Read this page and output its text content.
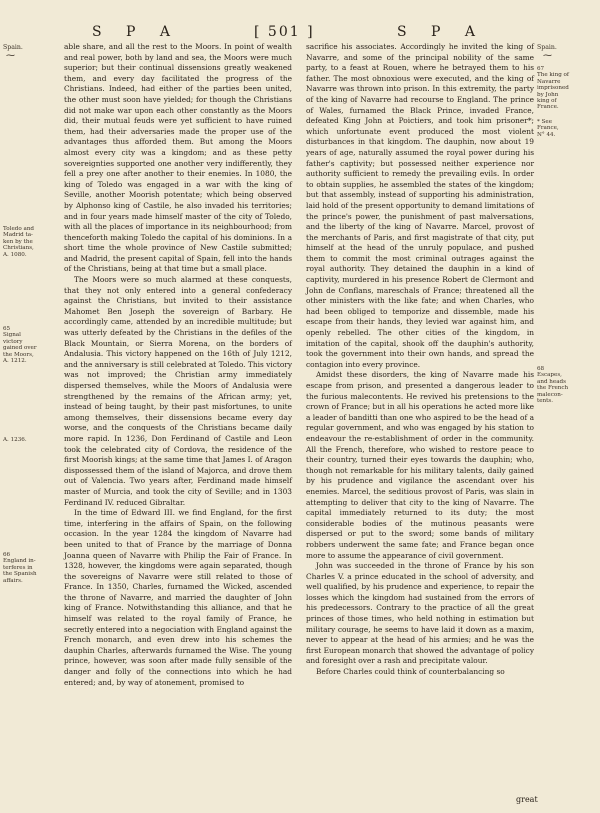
S P A	[ 501 ]	S P A
Spain.
⁓
Toledo and
Madrid ta-
ken by the
Christians,
A. 1080.
65
Signal
victory
gained over
the Moors,
A. 1212.
A. 1236.
66
England in-
terferes in
the Spanish
affairs.
Spain.
⁓
67
The king of
Navarre
imprisoned
by John
king of
France.
* See
France,
N° 44.
68
Escapes,
and heads
the French
malecon-
tents.

able share, and all the rest to the Moors. In point of wealth and real power, both by land and sea, the Moors were much superior; but their continual dissensions greatly weakened them, and every day facilitated the progress of the Christians. Indeed, had either of the parties been united, the other must soon have yielded; for though the Christians did not make war upon each other constantly as the Moors did, their mutual feuds were yet sufficient to have ruined them, had their adversaries made the proper use of the advantages thus afforded them. But among the Moors almost every city was a kingdom; and as these petty sovereignties supported one another very indifferently, they fell a prey one after another to their enemies. In 1080, the king of Toledo was engaged in a war with the king of Seville, another Moorish potentate; which being observed by Alphonso king of Castile, he also invaded his territories; and in four years made himself master of the city of Toledo, with all the places of importance in its neighbourhood; from thenceforth making Toledo the capital of his dominions. In a short time the whole province of New Castile submitted; and Madrid, the present capital of Spain, fell into the hands of the Christians, being at that time but a small place.

The Moors were so much alarmed at these conquests, that they not only entered into a general confederacy against the Christians, but invited to their assistance Mahomet Ben Joseph the sovereign of Barbary. He accordingly came, attended by an incredible multitude; but was utterly defeated by the Christians in the defiles of the Black Mountain, or Sierra Morena, on the borders of Andalusia. This victory happened on the 16th of July 1212, and the anniversary is still celebrated at Toledo. This victory was not improved; the Christian army immediately dispersed themselves, while the Moors of Andalusia were strengthened by the remains of the African army; yet, instead of being taught, by their past misfortunes, to unite among themselves, their dissensions became every day worse, and the conquests of the Christians became daily more rapid. In 1236, Don Ferdinand of Castile and Leon took the celebrated city of Cordova, the residence of the first Moorish kings; at the same time that James I. of Aragon dispossessed them of the island of Majorca, and drove them out of Valencia. Two years after, Ferdinand made himself master of Murcia, and took the city of Seville; and in 1303 Ferdinand IV. reduced Gibraltar.

In the time of Edward III. we find England, for the first time, interfering in the affairs of Spain, on the following occasion. In the year 1284 the kingdom of Navarre had been united to that of France by the marriage of Donna Joanna queen of Navarre with Philip the Fair of France. In 1328, however, the kingdoms were again separated, though the sovereigns of Navarre were still related to those of France. In 1350, Charles, furnamed the Wicked, ascended the throne of Navarre, and married the daughter of John king of France. Notwithstanding this alliance, and that he himself was related to the royal family of France, he secretly entered into a negociation with England against the French monarch, and even drew into his schemes the dauphin Charles, afterwards furnamed the Wise. The young prince, however, was soon after made fully sensible of the danger and folly of the connections into which he had entered; and, by way of atonement, promised to

sacrifice his associates. Accordingly he invited the king of Navarre, and some of the principal nobility of the same party, to a feast at Rouen, where he betrayed them to his father. The most obnoxious were executed, and the king of Navarre was thrown into prison. In this extremity, the party of the king of Navarre had recourse to England. The prince of Wales, furnamed the Black Prince, invaded France, defeated King John at Poictiers, and took him prisoner*; which unfortunate event produced the most violent disturbances in that kingdom. The dauphin, now about 19 years of age, naturally assumed the royal power during his father's captivity; but possessed neither experience nor authority sufficient to remedy the prevailing evils. In order to obtain supplies, he assembled the states of the kingdom; but that assembly, instead of supporting his administration, laid hold of the present opportunity to demand limitations of the prince's power, the punishment of past malversations, and the liberty of the king of Navarre. Marcel, provost of the merchants of Paris, and first magistrate of that city, put himself at the head of the unruly populace, and pushed them to commit the most criminal outrages against the royal authority. They detained the dauphin in a kind of captivity, murdered in his presence Robert de Clermont and John de Conflans, mareschals of France; threatened all the other ministers with the like fate; and when Charles, who had been obliged to temporize and dissemble, made his escape from their hands, they levied war against him, and openly rebelled. The other cities of the kingdom, in imitation of the capital, shook off the dauphin's authority, took the government into their own hands, and spread the contagion into every province.

Amidst these disorders, the king of Navarre made his escape from prison, and presented a dangerous leader to the furious malecontents. He revived his pretensions to the crown of France; but in all his operations he acted more like a leader of banditti than one who aspired to be the head of a regular government, and who was engaged by his station to endeavour the re-establishment of order in the community. All the French, therefore, who wished to restore peace to their country, turned their eyes towards the dauphin; who, though not remarkable for his military talents, daily gained by his prudence and vigilance the ascendant over his enemies. Marcel, the seditious provost of Paris, was slain in attempting to deliver that city to the king of Navarre. The capital immediately returned to its duty; the most considerable bodies of the mutinous peasants were dispersed or put to the sword; some bands of military robbers underwent the same fate; and France began once more to assume the appearance of civil government.

John was succeeded in the throne of France by his son Charles V. a prince educated in the school of adversity, and well qualified, by his prudence and experience, to repair the losses which the kingdom had sustained from the errors of his predecessors. Contrary to the practice of all the great princes of those times, who held nothing in estimation but military courage, he seems to have laid it down as a maxim, never to appear at the head of his armies; and he was the first European monarch that showed the advantage of policy and foresight over a rash and precipitate valour.

Before Charles could think of counterbalancing so

great
